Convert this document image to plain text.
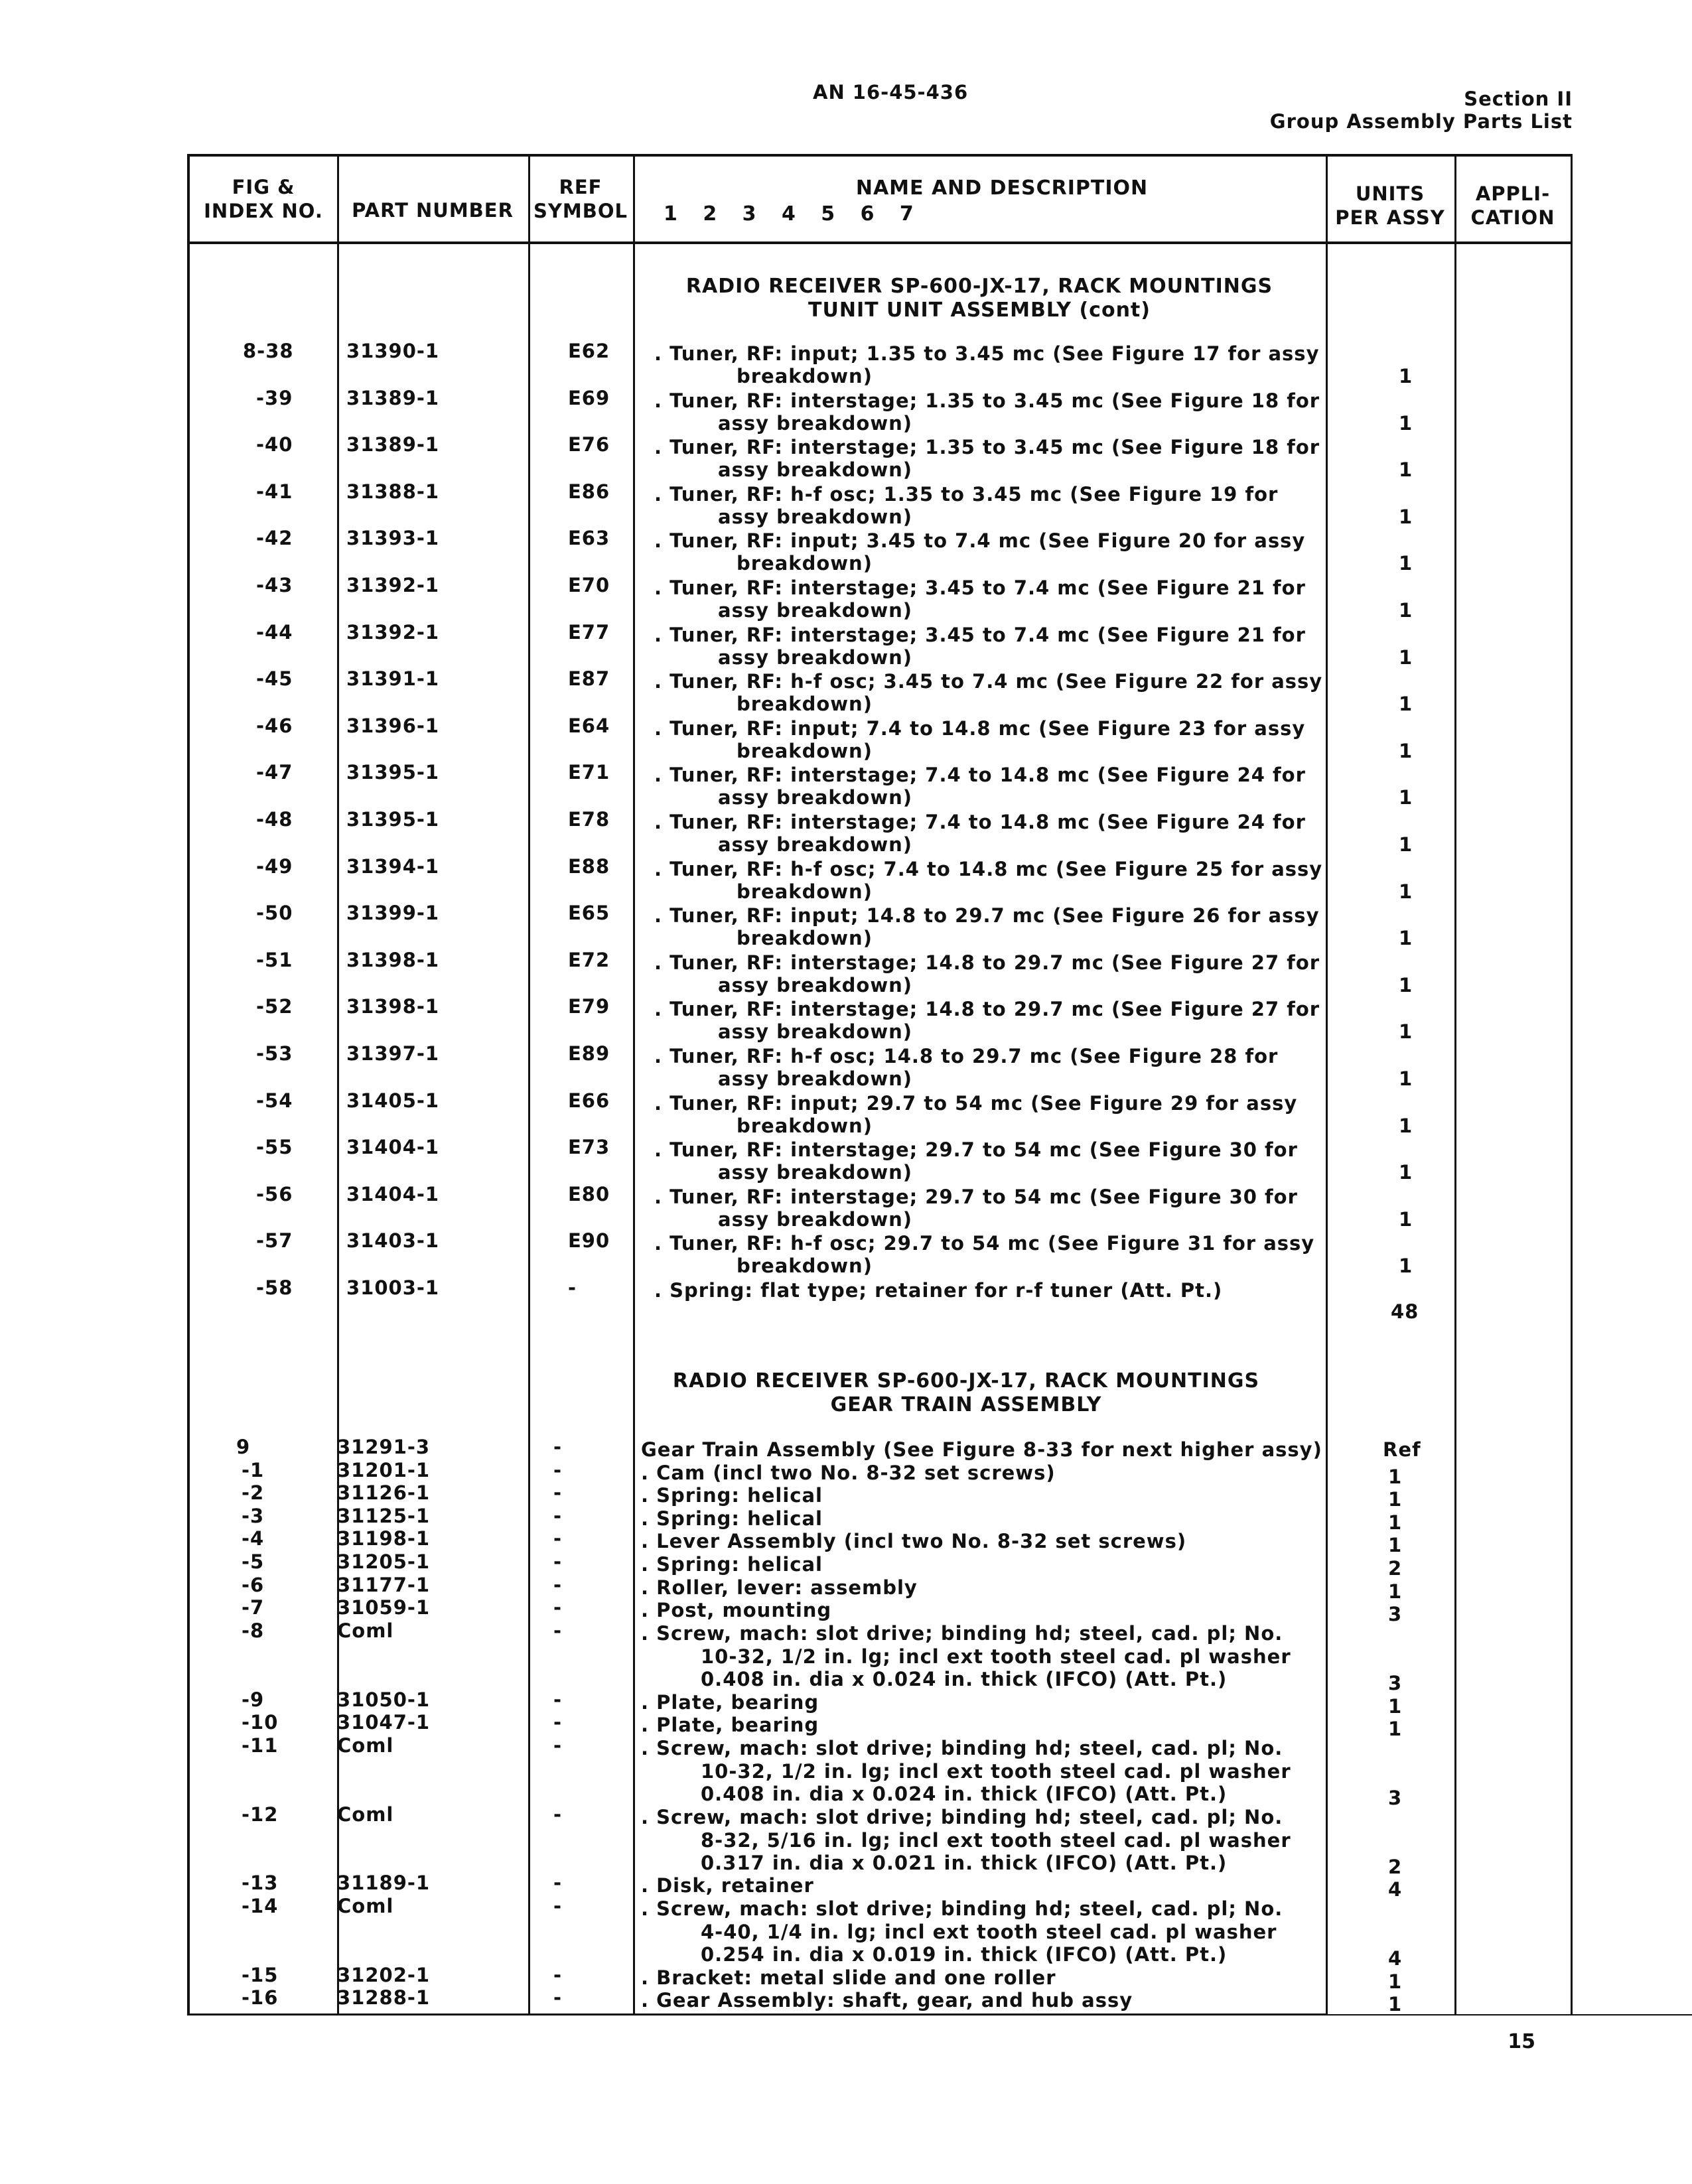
AN 16-45-436	Section II
Group Assembly Parts List
FIG &
INDEX NO.	PART NUMBER
REF
SYMBOL
NAME AND DESCRIPTION
1 2 3 4 5 6 7
UNITS
PER ASSY
APPLI-
CATION
RADIO RECEIVER SP-600-JX-17, RACK MOUNTINGS
TUNIT UNIT ASSEMBLY (cont)
8-38	31390-1	E62 . Tuner, RF: input; 1.35 to 3.45 mc (See Figure 17 for assy
breakdown)	1
-39	31389-1	E69 . Tuner, RF: interstage; 1.35 to 3.45 mc (See Figure 18 for
assy breakdown)	1
-40	31389-1	E76 . Tuner, RF: interstage; 1.35 to 3.45 mc (See Figure 18 for
assy breakdown)	1
-41	31388-1	E86 . Tuner, RF: h-f osc; 1.35 to 3.45 mc (See Figure 19 for
assy breakdown)	1
-42	31393-1	E63 . Tuner, RF: input; 3.45 to 7.4 mc (See Figure 20 for assy
breakdown)	1
-43	31392-1	E70 . Tuner, RF: interstage; 3.45 to 7.4 mc (See Figure 21 for
assy breakdown)	1
-44	31392-1	E77 . Tuner, RF: interstage; 3.45 to 7.4 mc (See Figure 21 for
assy breakdown)	1
-45	31391-1	E87 . Tuner, RF: h-f osc; 3.45 to 7.4 mc (See Figure 22 for assy
breakdown)	1
-46	31396-1	E64 . Tuner, RF: input; 7.4 to 14.8 mc (See Figure 23 for assy
breakdown)	1
-47	31395-1	E71 . Tuner, RF: interstage; 7.4 to 14.8 mc (See Figure 24 for
assy breakdown)	1
-48	31395-1	E78 . Tuner, RF: interstage; 7.4 to 14.8 mc (See Figure 24 for
assy breakdown)	1
-49	31394-1	E88 . Tuner, RF: h-f osc; 7.4 to 14.8 mc (See Figure 25 for assy
breakdown)	1
-50	31399-1	E65 . Tuner, RF: input; 14.8 to 29.7 mc (See Figure 26 for assy
breakdown)	1
-51	31398-1	E72 . Tuner, RF: interstage; 14.8 to 29.7 mc (See Figure 27 for
assy breakdown)	1
-52	31398-1	E79 . Tuner, RF: interstage; 14.8 to 29.7 mc (See Figure 27 for
assy breakdown)	1
-53	31397-1	E89 . Tuner, RF: h-f osc; 14.8 to 29.7 mc (See Figure 28 for
assy breakdown)	1
-54	31405-1	E66 . Tuner, RF: input; 29.7 to 54 mc (See Figure 29 for assy
breakdown)	1
-55	31404-1	E73 . Tuner, RF: interstage; 29.7 to 54 mc (See Figure 30 for
assy breakdown)	1
-56	31404-1	E80 . Tuner, RF: interstage; 29.7 to 54 mc (See Figure 30 for
assy breakdown)	1
-57	31403-1	E90 . Tuner, RF: h-f osc; 29.7 to 54 mc (See Figure 31 for assy
breakdown)	1
-58	31003-1	-	. Spring: flat type; retainer for r-f tuner (Att. Pt.)
48
RADIO RECEIVER SP-600-JX-17, RACK MOUNTINGS
GEAR TRAIN ASSEMBLY
9	31291-3	-	Gear Train Assembly (See Figure 8-33 for next higher assy)	Ref
-1	31201-1	-	. Cam (incl two No. 8-32 set screws)	1
-2	31126-1	-	. Spring: helical	1
-3	31125-1	-	. Spring: helical	1
-4	31198-1	-	. Lever Assembly (incl two No. 8-32 set screws)	1
-5	31205-1	-	. Spring: helical	2
-6	31177-1	-	. Roller, lever: assembly	1
-7	31059-1	-	. Post, mounting	3
-8	Coml	-	. Screw, mach: slot drive; binding hd; steel, cad. pl; No.
10-32, 1/2 in. lg; incl ext tooth steel cad. pl washer
0.408 in. dia x 0.024 in. thick (IFCO) (Att. Pt.)	3
-9	31050-1	-	. Plate, bearing	1
-10	31047-1	-	. Plate, bearing	1
-11	Coml	-	. Screw, mach: slot drive; binding hd; steel, cad. pl; No.
10-32, 1/2 in. lg; incl ext tooth steel cad. pl washer
0.408 in. dia x 0.024 in. thick (IFCO) (Att. Pt.)	3
-12	Coml	-	. Screw, mach: slot drive; binding hd; steel, cad. pl; No.
8-32, 5/16 in. lg; incl ext tooth steel cad. pl washer
0.317 in. dia x 0.021 in. thick (IFCO) (Att. Pt.)	2
-13	31189-1	-	. Disk, retainer	4
-14	Coml	-	. Screw, mach: slot drive; binding hd; steel, cad. pl; No.
4-40, 1/4 in. lg; incl ext tooth steel cad. pl washer
0.254 in. dia x 0.019 in. thick (IFCO) (Att. Pt.)	4
-15	31202-1	-	. Bracket: metal slide and one roller	1
-16	31288-1	-	. Gear Assembly: shaft, gear, and hub assy	1
15
